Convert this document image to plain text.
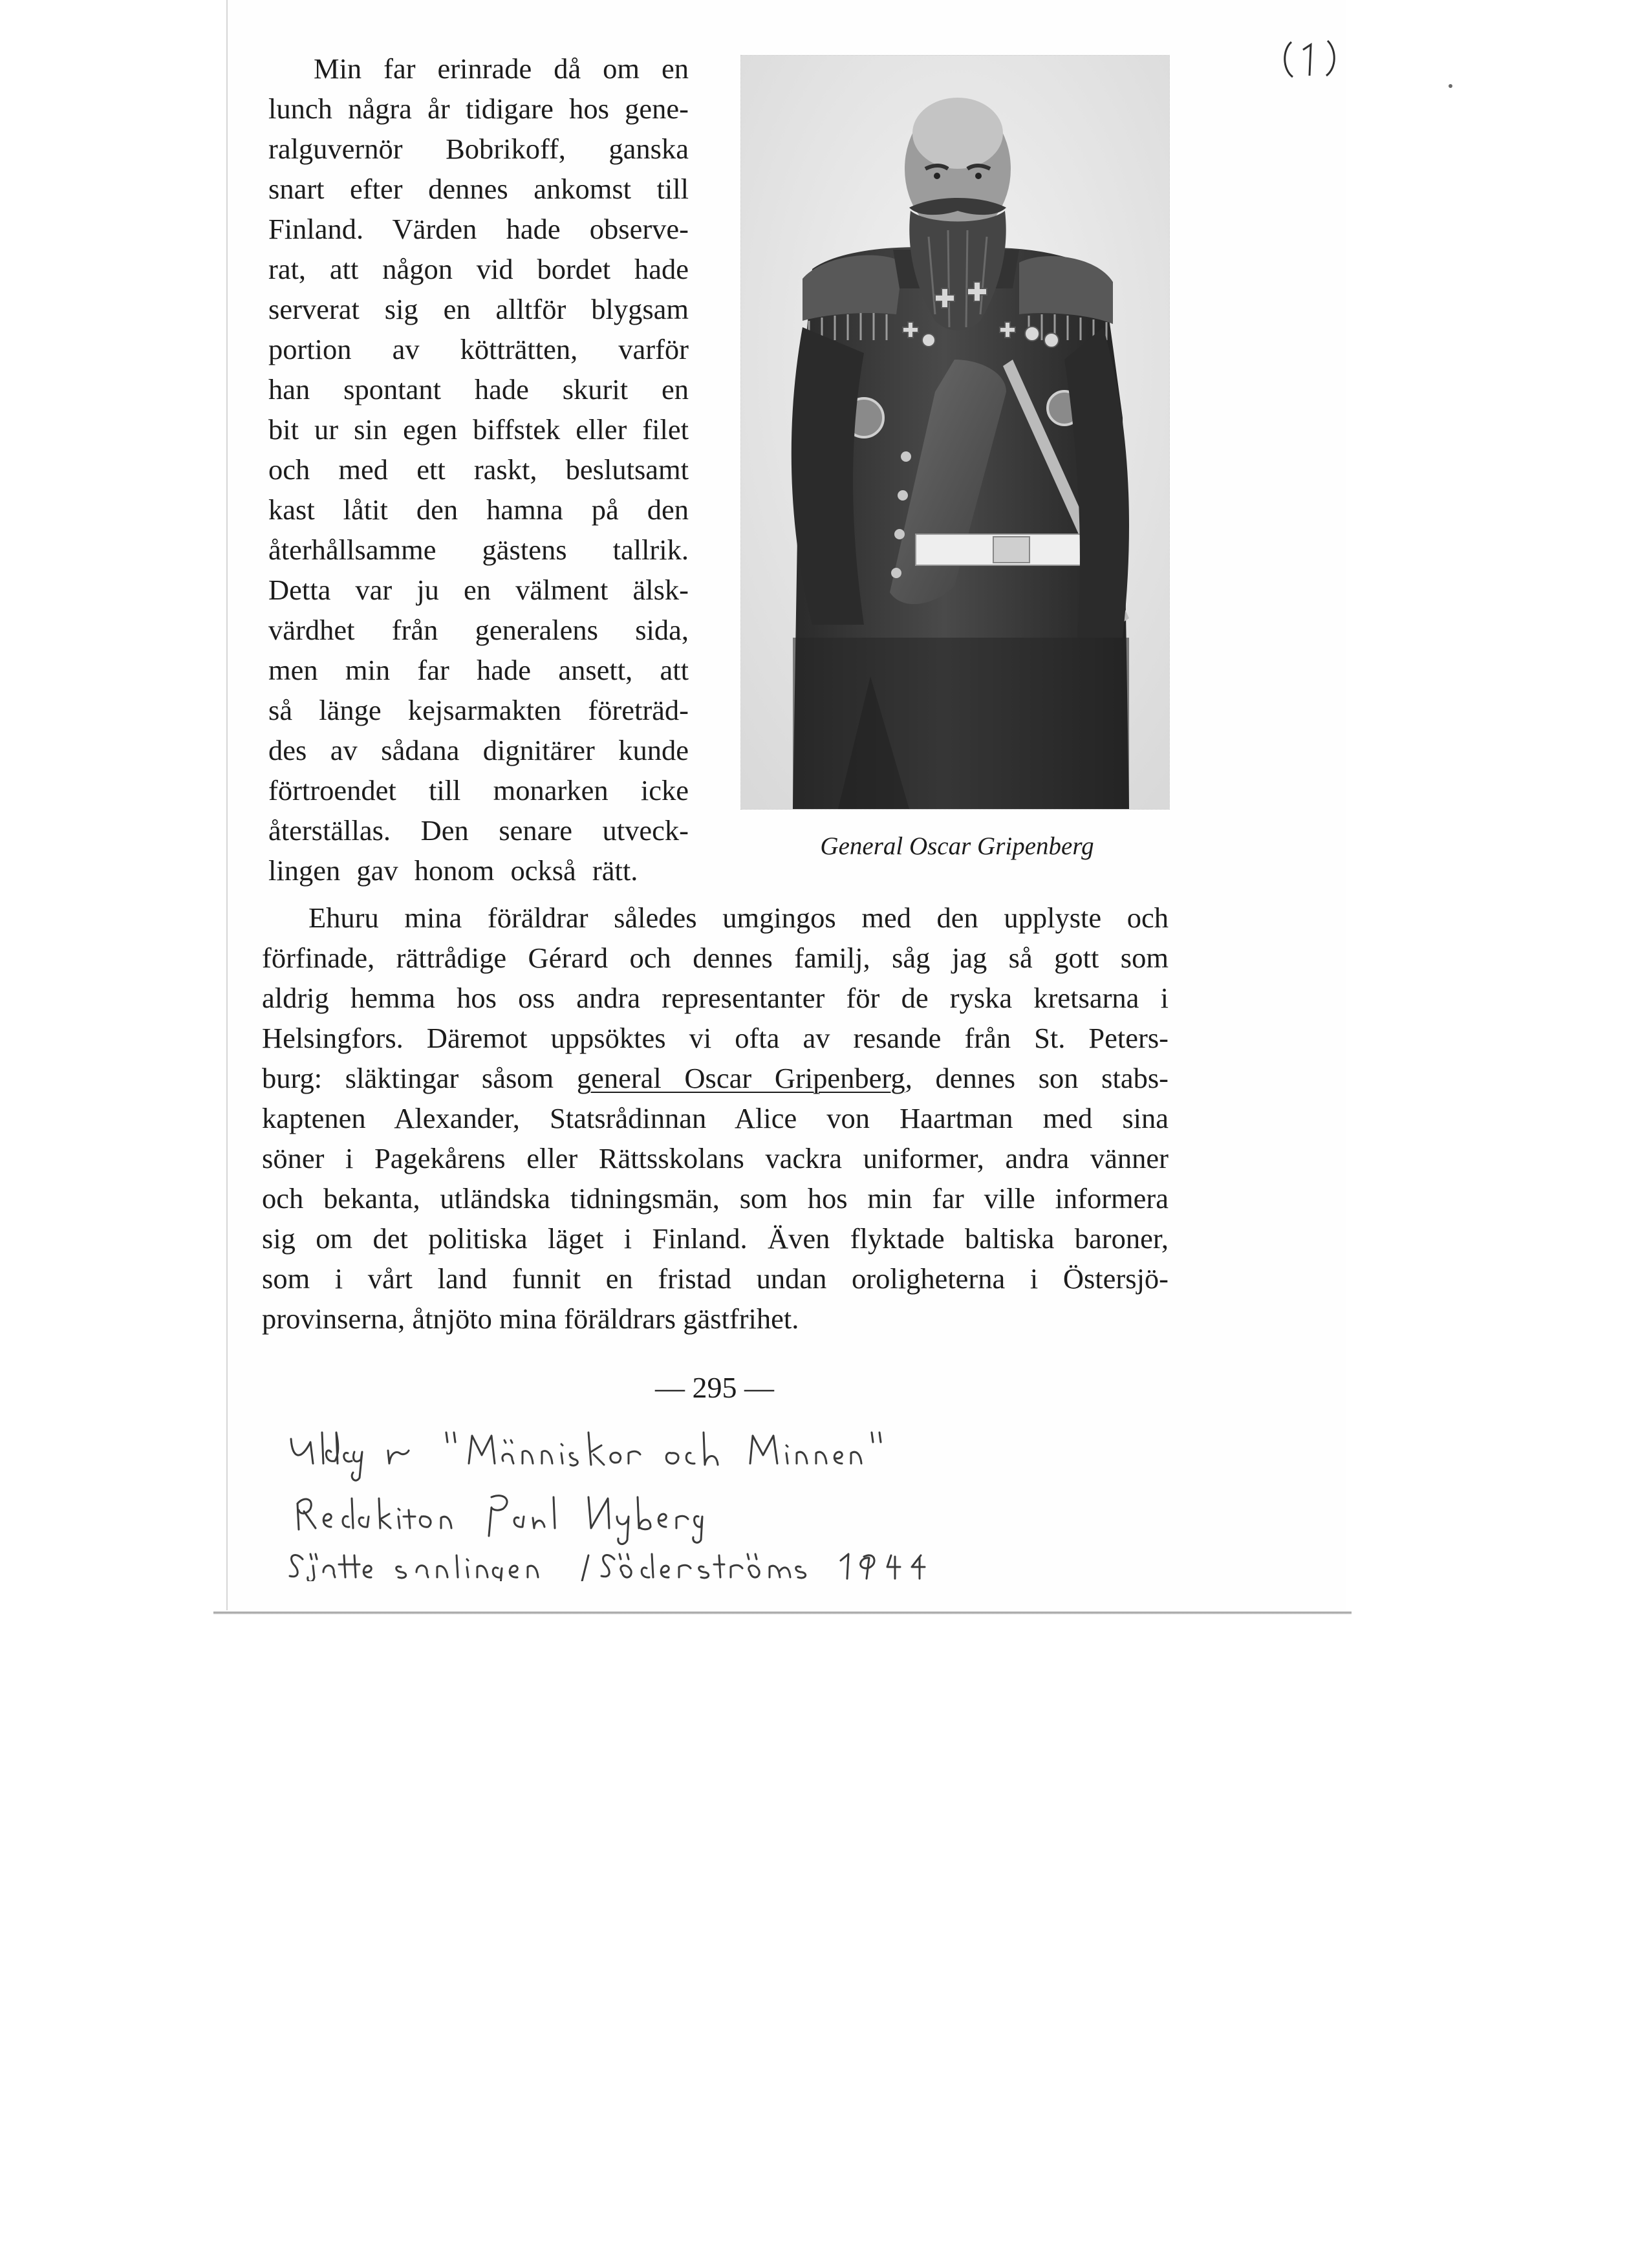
Min far erinrade då om en
lunch några år tidigare hos gene-
ralguvernör Bobrikoff, ganska
snart efter dennes ankomst till
Finland. Värden hade observe-
rat, att någon vid bordet hade
serverat sig en alltför blygsam
portion av kötträtten, varför
han spontant hade skurit en
bit ur sin egen biffstek eller filet
och med ett raskt, beslutsamt
kast låtit den hamna på den
återhållsamme gästens tallrik.
Detta var ju en välment älsk-
värdhet från generalens sida,
men min far hade ansett, att
så länge kejsarmakten företräd-
des av sådana dignitärer kunde
förtroendet till monarken icke
återställas. Den senare utveck-
lingen gav honom också rätt.
General Oscar Gripenberg
Ehuru mina föräldrar således umgingos med den upplyste och
förfinade, rättrådige Gérard och dennes familj, såg jag så gott som
aldrig hemma hos oss andra representanter för de ryska kretsarna i
Helsingfors. Däremot uppsöktes vi ofta av resande från St. Peters-
burg: släktingar såsom general Oscar Gripenberg, dennes son stabs-
kaptenen Alexander, Statsrådinnan Alice von Haartman med sina
söner i Pagekårens eller Rättsskolans vackra uniformer, andra vänner
och bekanta, utländska tidningsmän, som hos min far ville informera
sig om det politiska läget i Finland. Även flyktade baltiska baroner,
som i vårt land funnit en fristad undan oroligheterna i Östersjö-
provinserna, åtnjöto mina föräldrars gästfrihet.
— 295 —
